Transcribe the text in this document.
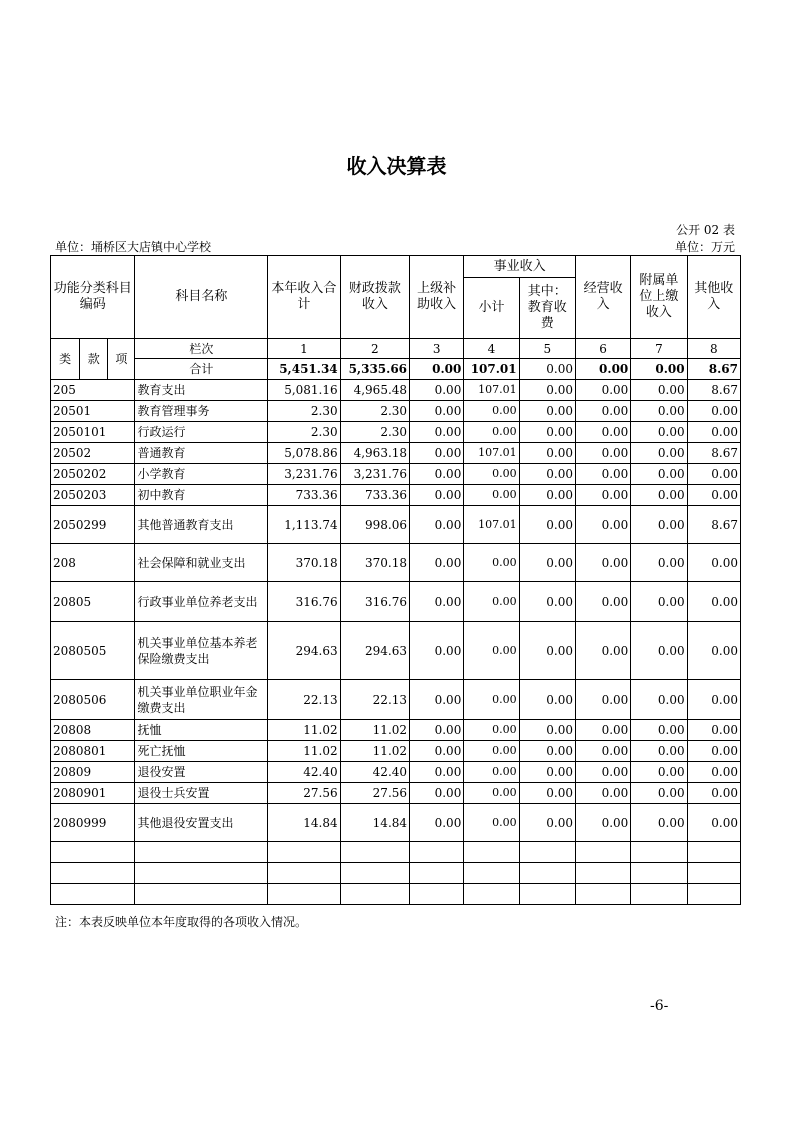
收入决算表
公开 02 表
单位：埇桥区大店镇中心学校	单位：万元
功能分类科目编码			科目名称	本年收入合计	财政拨款收入	上级补助收入	事业收入		经营收入	附属单位上缴收入	其他收入
							小计	其中：教育收费			

类	款	项	栏次	1	2	3	4	5	6	7	8
			合计	5,451.34	5,335.66	0.00	107.01	0.00	0.00	0.00	8.67
205			教育支出	5,081.16	4,965.48	0.00	107.01	0.00	0.00	0.00	8.67
20501			教育管理事务	2.30	2.30	0.00	0.00	0.00	0.00	0.00	0.00
2050101			行政运行	2.30	2.30	0.00	0.00	0.00	0.00	0.00	0.00
20502			普通教育	5,078.86	4,963.18	0.00	107.01	0.00	0.00	0.00	8.67
2050202			小学教育	3,231.76	3,231.76	0.00	0.00	0.00	0.00	0.00	0.00
2050203			初中教育	733.36	733.36	0.00	0.00	0.00	0.00	0.00	0.00
2050299			其他普通教育支出	1,113.74	998.06	0.00	107.01	0.00	0.00	0.00	8.67
208			社会保障和就业支出	370.18	370.18	0.00	0.00	0.00	0.00	0.00	0.00
20805			行政事业单位养老支出	316.76	316.76	0.00	0.00	0.00	0.00	0.00	0.00
2080505			机关事业单位基本养老保险缴费支出	294.63	294.63	0.00	0.00	0.00	0.00	0.00	0.00
2080506			机关事业单位职业年金缴费支出	22.13	22.13	0.00	0.00	0.00	0.00	0.00	0.00
20808			抚恤	11.02	11.02	0.00	0.00	0.00	0.00	0.00	0.00
2080801			死亡抚恤	11.02	11.02	0.00	0.00	0.00	0.00	0.00	0.00
20809			退役安置	42.40	42.40	0.00	0.00	0.00	0.00	0.00	0.00
2080901			退役士兵安置	27.56	27.56	0.00	0.00	0.00	0.00	0.00	0.00
2080999			其他退役安置支出	14.84	14.84	0.00	0.00	0.00	0.00	0.00	0.00

注：本表反映单位本年度取得的各项收入情况。
-6-
